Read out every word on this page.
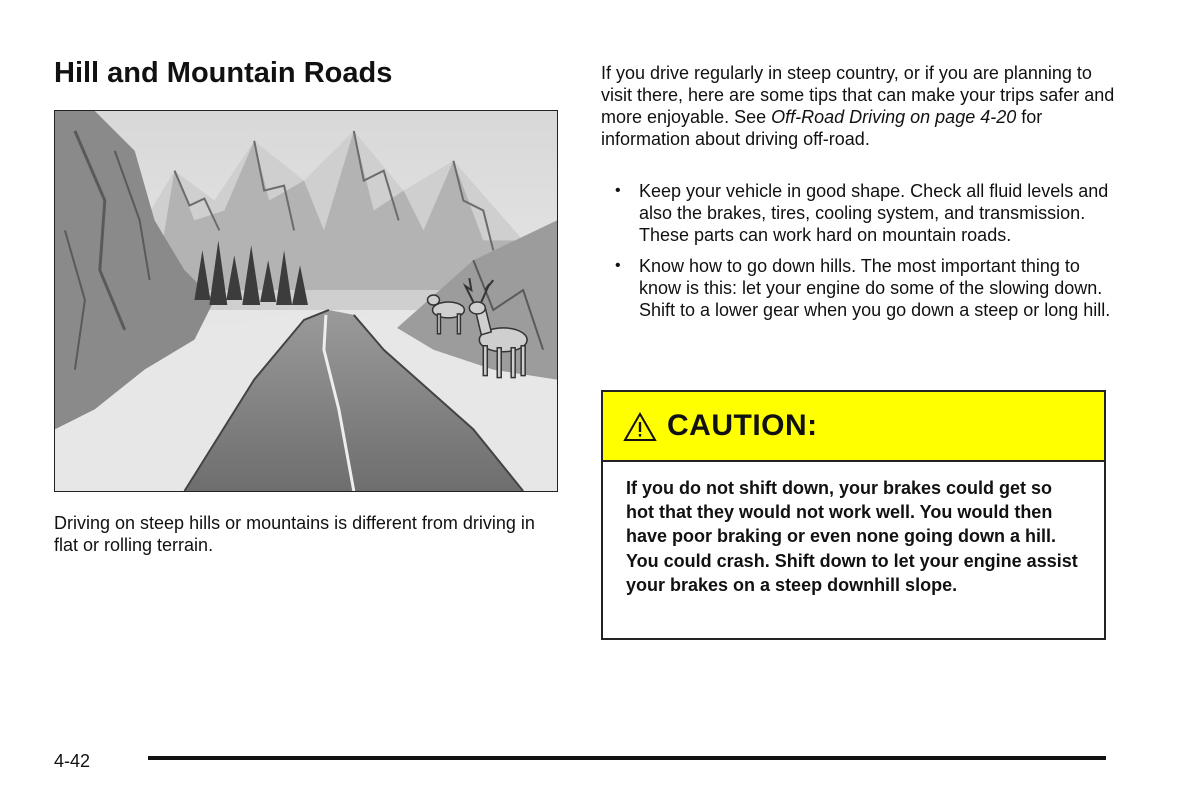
Hill and Mountain Roads

Driving on steep hills or mountains is different from driving in flat or rolling terrain.

If you drive regularly in steep country, or if you are planning to visit there, here are some tips that can make your trips safer and more enjoyable. See Off-Road Driving on page 4-20 for information about driving off-road.

• Keep your vehicle in good shape. Check all fluid levels and also the brakes, tires, cooling system, and transmission. These parts can work hard on mountain roads.
• Know how to go down hills. The most important thing to know is this: let your engine do some of the slowing down. Shift to a lower gear when you go down a steep or long hill.
CAUTION:

If you do not shift down, your brakes could get so hot that they would not work well. You would then have poor braking or even none going down a hill. You could crash. Shift down to let your engine assist your brakes on a steep downhill slope.

4-42
